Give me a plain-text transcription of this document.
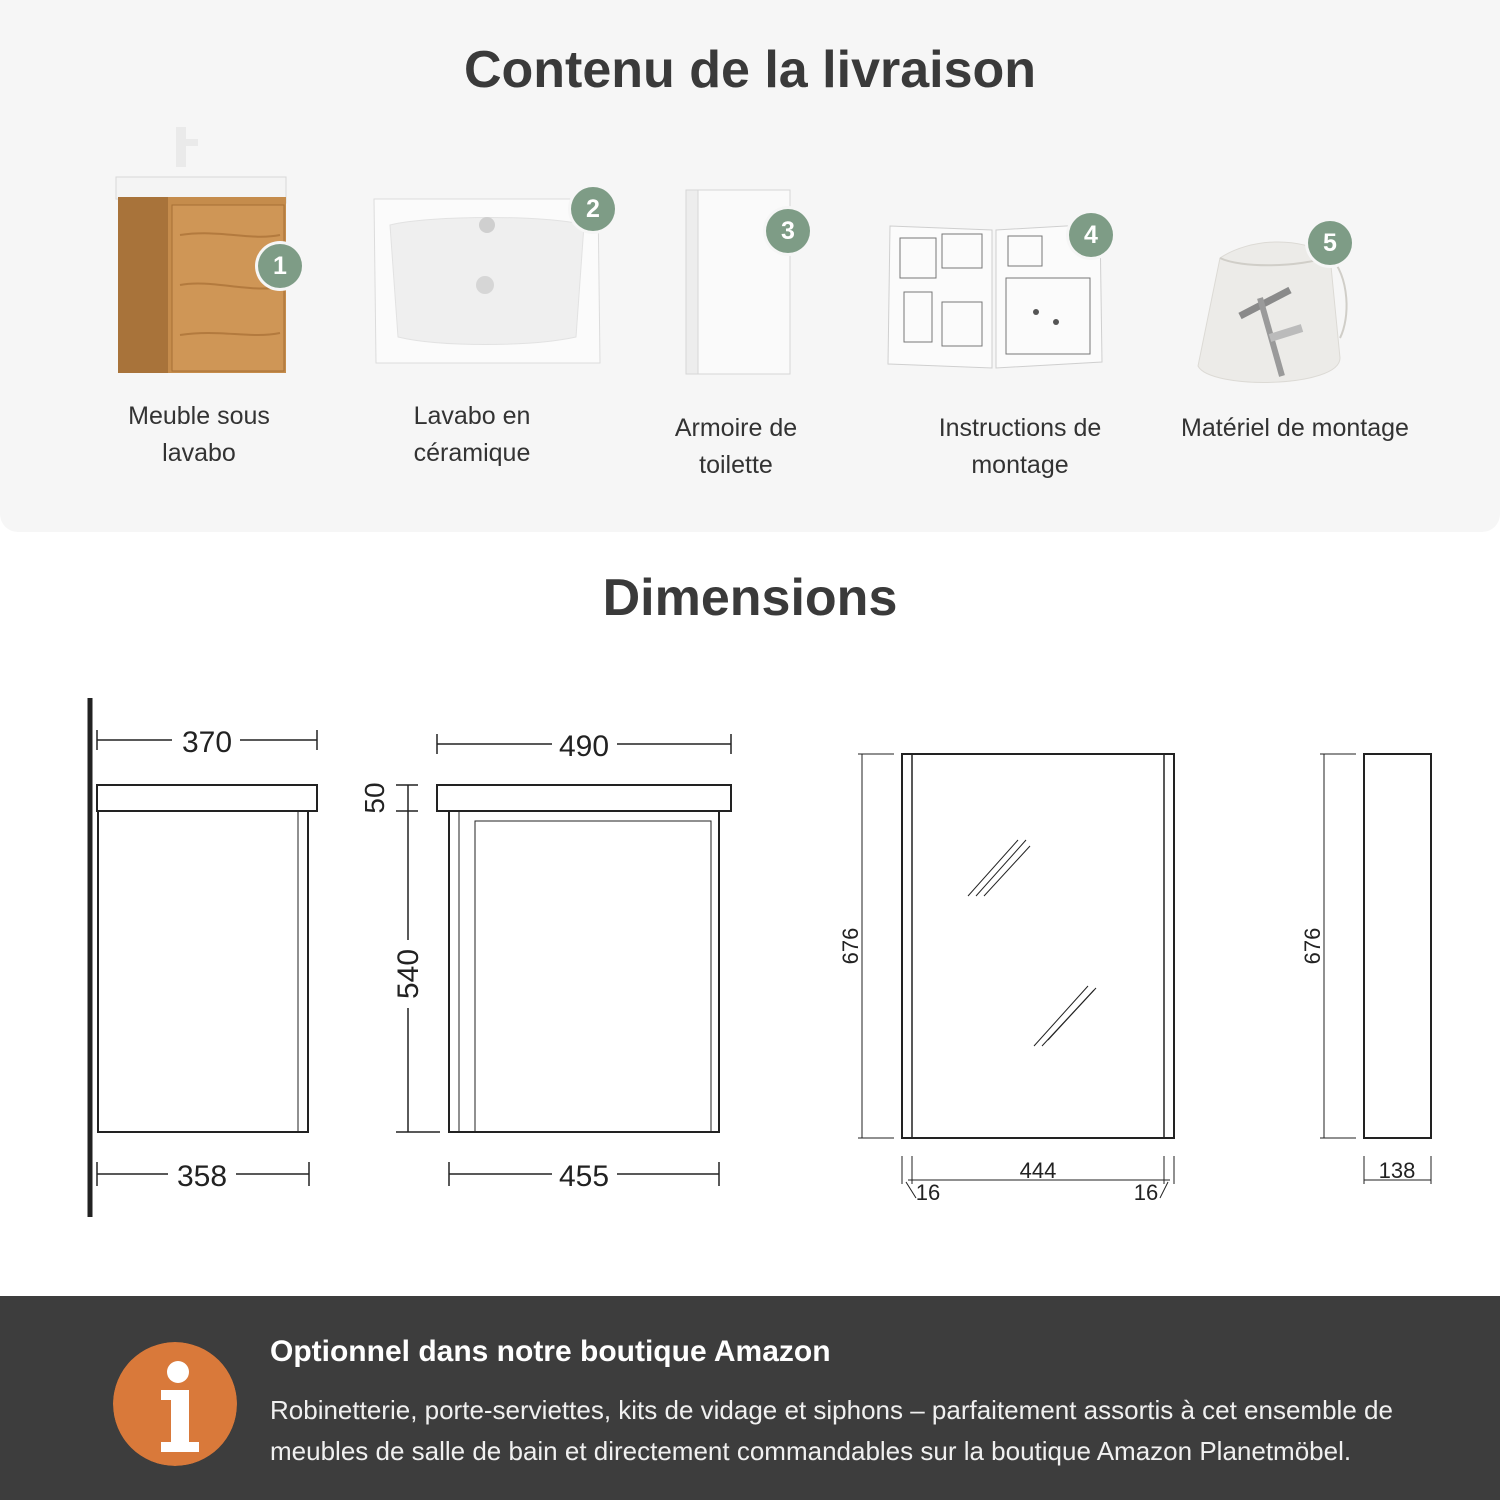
Contenu de la livraison
1
Meuble sous
lavabo
2
Lavabo en
céramique
3
Armoire de
toilette
4
Instructions de
montage
5
Matériel de montage
Dimensions
370
358
490
455
50
540
676
444
16	16
676
138
Optionnel dans notre boutique Amazon
Robinetterie, porte-serviettes, kits de vidage et siphons – parfaitement assortis à cet ensemble de meubles de salle de bain et directement commandables sur la boutique Amazon Planetmöbel.
